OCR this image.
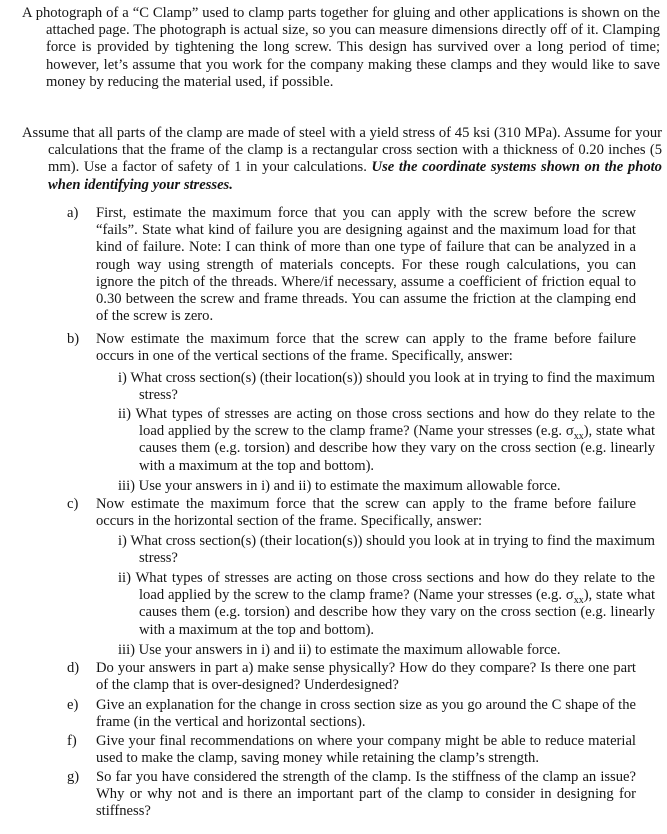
A photograph of a “C Clamp” used to clamp parts together for gluing and other applications is shown on the attached page. The photograph is actual size, so you can measure dimensions directly off of it. Clamping force is provided by tightening the long screw. This design has survived over a long period of time; however, let’s assume that you work for the company making these clamps and they would like to save money by reducing the material used, if possible.
Assume that all parts of the clamp are made of steel with a yield stress of 45 ksi (310 MPa). Assume for your calculations that the frame of the clamp is a rectangular cross section with a thickness of 0.20 inches (5 mm). Use a factor of safety of 1 in your calculations. Use the coordinate systems shown on the photo when identifying your stresses.
a)	First, estimate the maximum force that you can apply with the screw before the screw “fails”. State what kind of failure you are designing against and the maximum load for that kind of failure. Note: I can think of more than one type of failure that can be analyzed in a rough way using strength of materials concepts. For these rough calculations, you can ignore the pitch of the threads. Where/if necessary, assume a coefficient of friction equal to 0.30 between the screw and frame threads. You can assume the friction at the clamping end of the screw is zero.
b)	Now estimate the maximum force that the screw can apply to the frame before failure occurs in one of the vertical sections of the frame. Specifically, answer:
i) What cross section(s) (their location(s)) should you look at in trying to find the maximum stress?
ii) What types of stresses are acting on those cross sections and how do they relate to the load applied by the screw to the clamp frame? (Name your stresses (e.g. $\sigma_{xx}$), state what causes them (e.g. torsion) and describe how they vary on the cross section (e.g. linearly with a maximum at the top and bottom).
iii) Use your answers in i) and ii) to estimate the maximum allowable force.
c)	Now estimate the maximum force that the screw can apply to the frame before failure occurs in the horizontal section of the frame. Specifically, answer:
i) What cross section(s) (their location(s)) should you look at in trying to find the maximum stress?
ii) What types of stresses are acting on those cross sections and how do they relate to the load applied by the screw to the clamp frame? (Name your stresses (e.g. $\sigma_{xx}$), state what causes them (e.g. torsion) and describe how they vary on the cross section (e.g. linearly with a maximum at the top and bottom).
iii) Use your answers in i) and ii) to estimate the maximum allowable force.
d)	Do your answers in part a) make sense physically? How do they compare? Is there one part of the clamp that is over-designed? Underdesigned?
e)	Give an explanation for the change in cross section size as you go around the C shape of the frame (in the vertical and horizontal sections).
f)	Give your final recommendations on where your company might be able to reduce material used to make the clamp, saving money while retaining the clamp’s strength.
g)	So far you have considered the strength of the clamp. Is the stiffness of the clamp an issue? Why or why not and is there an important part of the clamp to consider in designing for stiffness?
